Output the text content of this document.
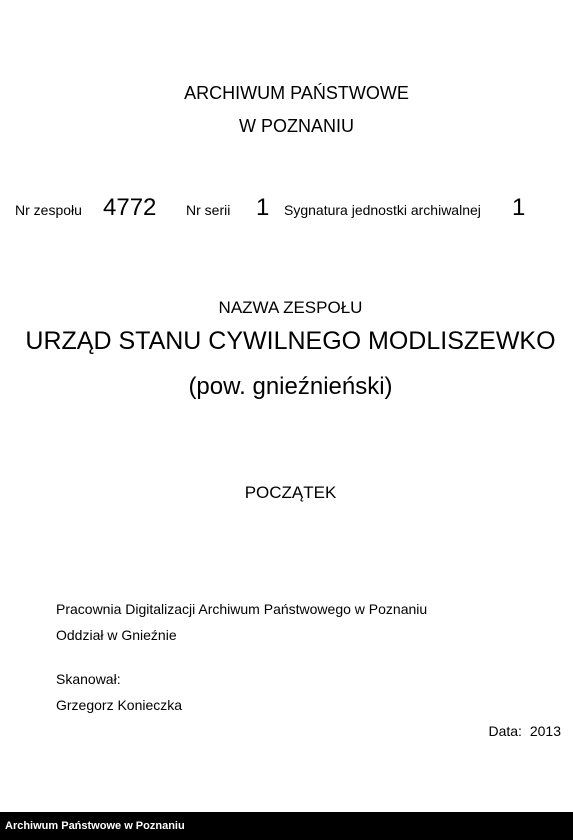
ARCHIWUM PAŃSTWOWE
W POZNANIU
Nr zespołu 4772 Nr serii 1 Sygnatura jednostki archiwalnej 1
NAZWA ZESPOŁU
URZĄD STANU CYWILNEGO MODLISZEWKO
(pow. gnieźnieński)
POCZĄTEK
Pracownia Digitalizacji Archiwum Państwowego w Poznaniu
Oddział w Gnieźnie
Skanował:
Grzegorz Konieczka
Data: 2013
Archiwum Państwowe w Poznaniu
